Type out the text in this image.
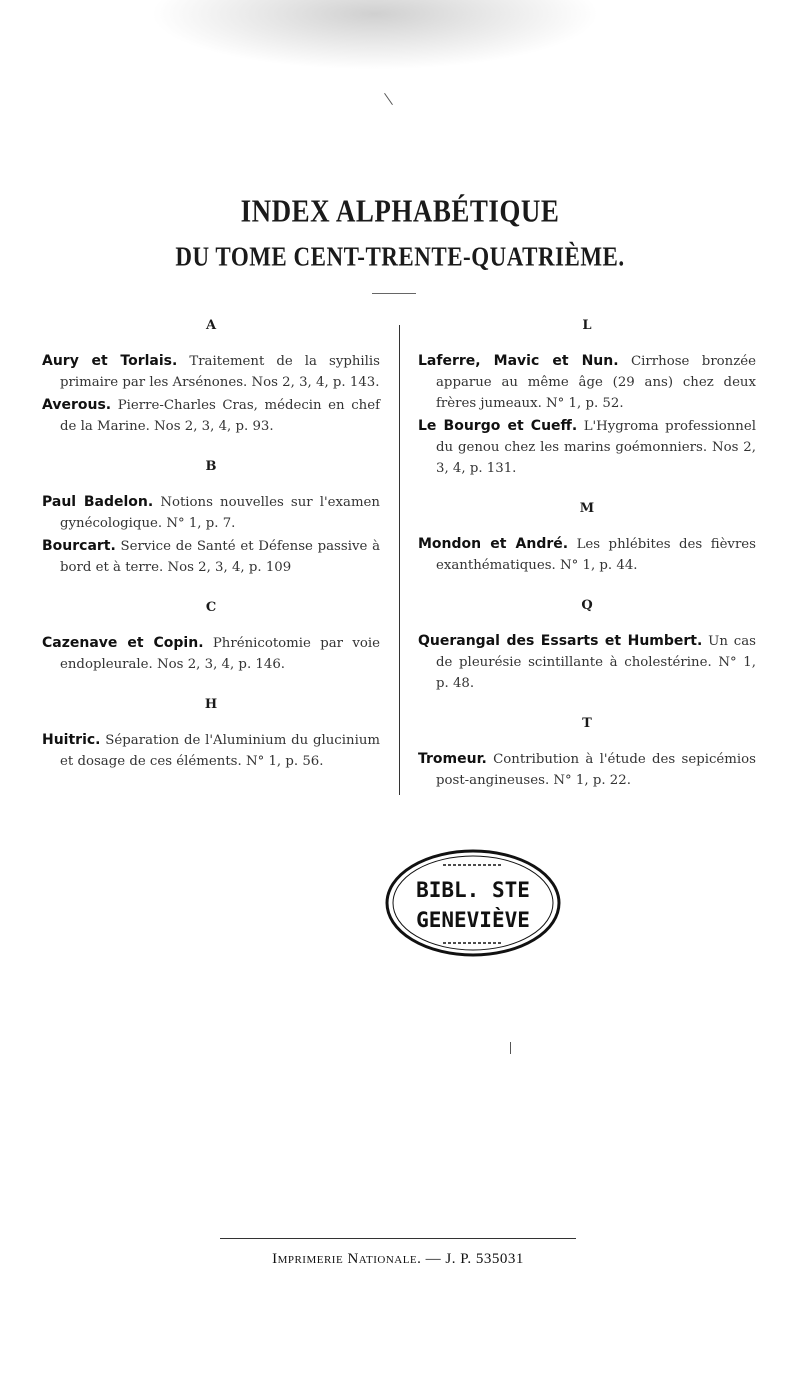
INDEX ALPHABÉTIQUE
DU TOME CENT-TRENTE-QUATRIÈME.
A

Aury et Torlais. Traitement de la syphilis primaire par les Arsénones. Nos 2, 3, 4, p. 143.

Averous. Pierre-Charles Cras, médecin en chef de la Marine. Nos 2, 3, 4, p. 93.

B

Paul Badelon. Notions nouvelles sur l'examen gynécologique. N° 1, p. 7.

Bourcart. Service de Santé et Défense passive à bord et à terre. Nos 2, 3, 4, p. 109

C

Cazenave et Copin. Phrénicotomie par voie endopleurale. Nos 2, 3, 4, p. 146.

H

Huitric. Séparation de l'Aluminium du glucinium et dosage de ces éléments. N° 1, p. 56.

L

Laferre, Mavic et Nun. Cirrhose bronzée apparue au même âge (29 ans) chez deux frères jumeaux. N° 1, p. 52.

Le Bourgo et Cueff. L'Hygroma professionnel du genou chez les marins goémonniers. Nos 2, 3, 4, p. 131.

M

Mondon et André. Les phlébites des fièvres exanthématiques. N° 1, p. 44.

Q

Querangal des Essarts et Humbert. Un cas de pleurésie scintillante à cholestérine. N° 1, p. 48.

T

Tromeur. Contribution à l'étude des sepicémios post-angineuses. N° 1, p. 22.

BIBL. STE
GENEVIÈVE
Imprimerie Nationale. — J. P. 535031
